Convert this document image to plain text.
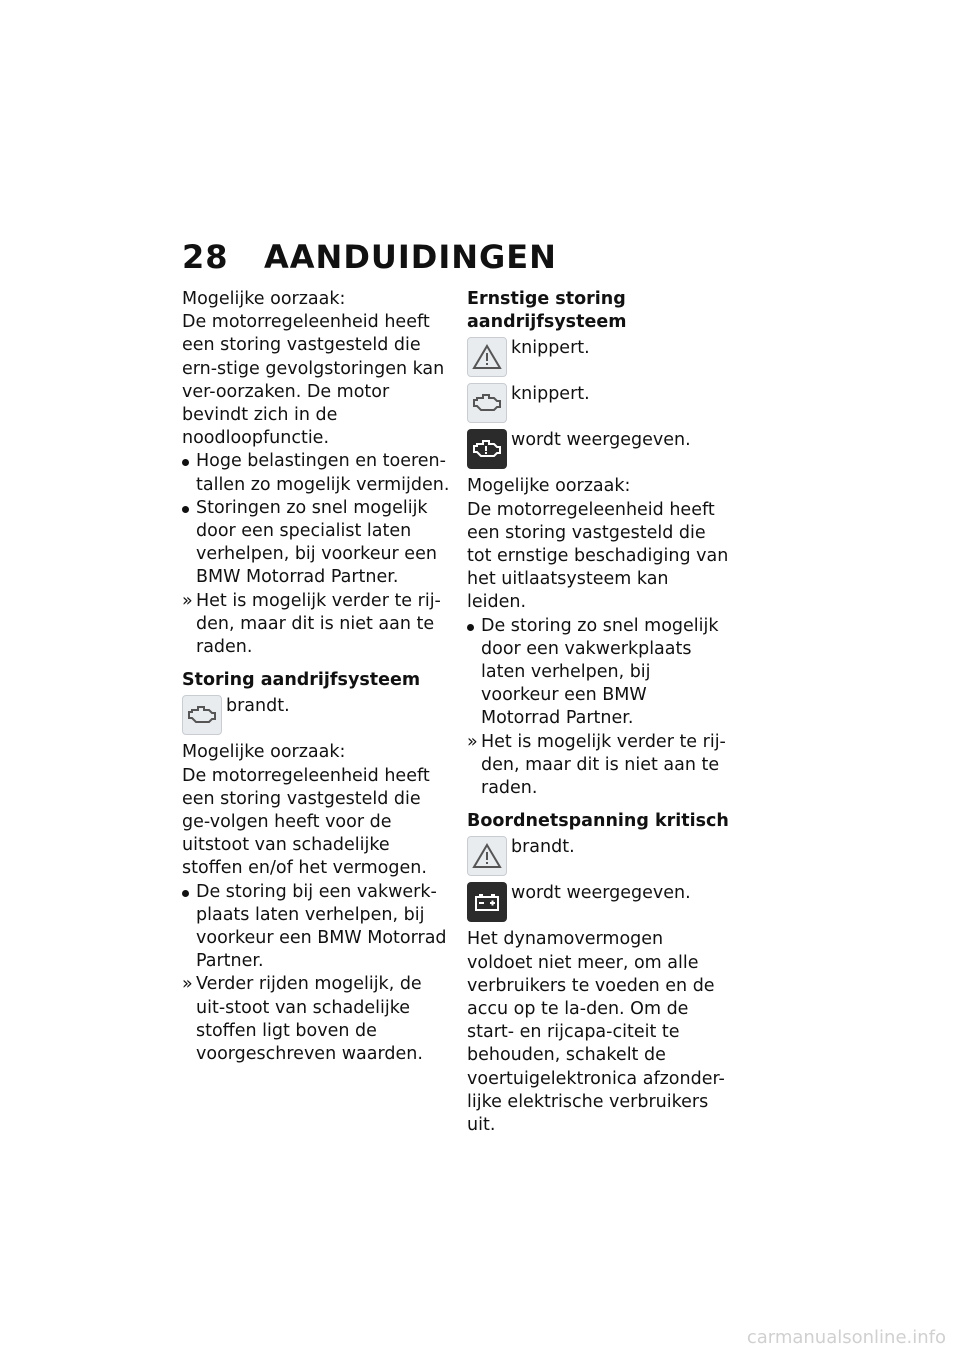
28 AANDUIDINGEN

Mogelijke oorzaak:

De motorregeleenheid heeft een storing vastgesteld die ern-stige gevolgstoringen kan ver-oorzaken. De motor bevindt zich in de noodloopfunctie.

Hoge belastingen en toeren-tallen zo mogelijk vermijden.
Storingen zo snel mogelijk door een specialist laten verhelpen, bij voorkeur een BMW Motorrad Partner.
» Het is mogelijk verder te rij-den, maar dit is niet aan te raden.

Storing aandrijfsysteem

brandt.

Mogelijke oorzaak:

De motorregeleenheid heeft een storing vastgesteld die ge-volgen heeft voor de uitstoot van schadelijke stoffen en/of het vermogen.

De storing bij een vakwerk-plaats laten verhelpen, bij voorkeur een BMW Motorrad Partner.
» Verder rijden mogelijk, de uit-stoot van schadelijke stoffen ligt boven de voorgeschreven waarden.

Ernstige storing aandrijfsysteem

knippert.
knippert.
wordt weergegeven.

Mogelijke oorzaak:

De motorregeleenheid heeft een storing vastgesteld die tot ernstige beschadiging van het uitlaatsysteem kan leiden.

De storing zo snel mogelijk door een vakwerkplaats laten verhelpen, bij voorkeur een BMW Motorrad Partner.
» Het is mogelijk verder te rij-den, maar dit is niet aan te raden.

Boordnetspanning kritisch

brandt.
wordt weergegeven.

Het dynamovermogen voldoet niet meer, om alle verbruikers te voeden en de accu op te la-den. Om de start- en rijcapa-citeit te behouden, schakelt de voertuigelektronica afzonder-lijke elektrische verbruikers uit.

carmanualsonline.info
